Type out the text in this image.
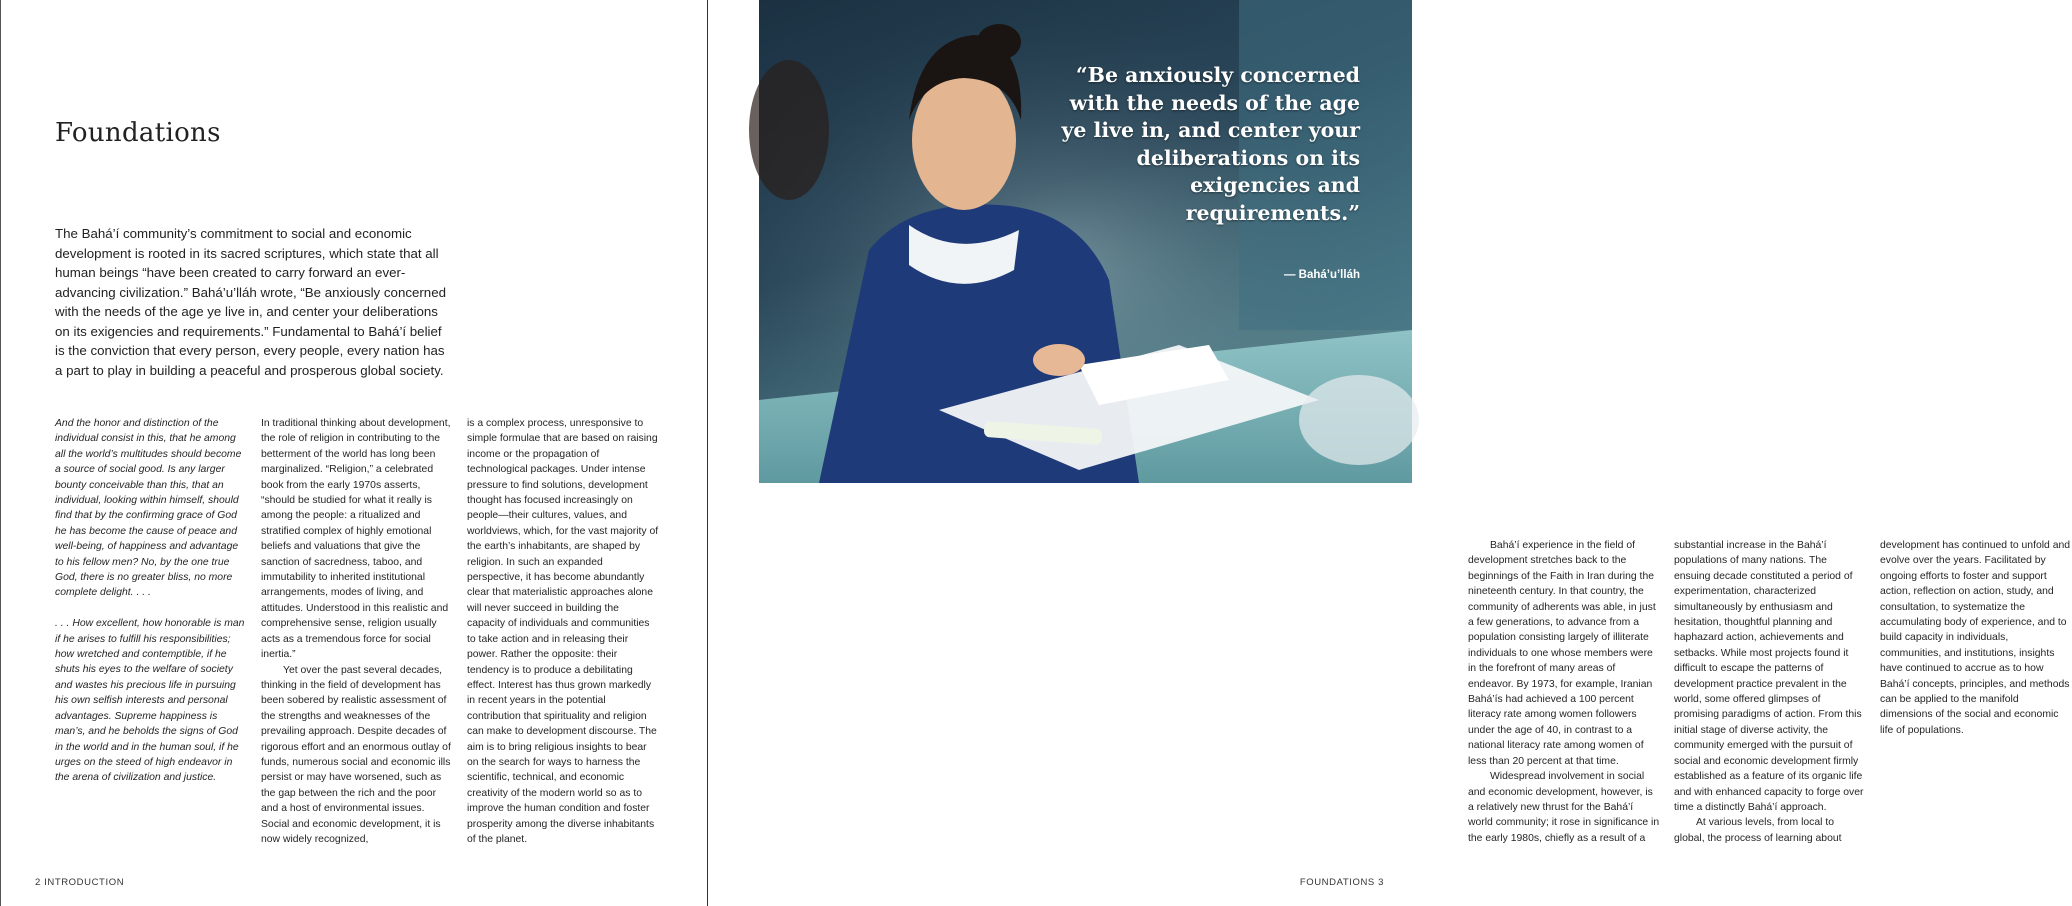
Foundations

The Bahá’í community’s commitment to social and economic development is rooted in its sacred scriptures, which state that all human beings “have been created to carry forward an ever-advancing civilization.” Bahá’u’lláh wrote, “Be anxiously concerned with the needs of the age ye live in, and center your deliberations on its exigencies and requirements.” Fundamental to Bahá’í belief is the conviction that every person, every people, every nation has a part to play in building a peaceful and prosperous global society.

And the honor and distinction of the individual consist in this, that he among all the world’s multitudes should become a source of social good. Is any larger bounty conceivable than this, that an individual, looking within himself, should find that by the confirming grace of God he has become the cause of peace and well-being, of happiness and advantage to his fellow men? No, by the one true God, there is no greater bliss, no more complete delight. . . .

. . . How excellent, how honorable is man if he arises to fulfill his responsibilities; how wretched and contemptible, if he shuts his eyes to the welfare of society and wastes his precious life in pursuing his own selfish interests and personal advantages. Supreme happiness is man’s, and he beholds the signs of God in the world and in the human soul, if he urges on the steed of high endeavor in the arena of civilization and justice.

In traditional thinking about development, the role of religion in contributing to the betterment of the world has long been marginalized. “Religion,” a celebrated book from the early 1970s asserts, “should be studied for what it really is among the people: a ritualized and stratified complex of highly emotional beliefs and valuations that give the sanction of sacredness, taboo, and immutability to inherited institutional arrangements, modes of living, and attitudes. Understood in this realistic and comprehensive sense, religion usually acts as a tremendous force for social inertia.”

Yet over the past several decades, thinking in the field of development has been sobered by realistic assessment of the strengths and weaknesses of the prevailing approach. Despite decades of rigorous effort and an enormous outlay of funds, numerous social and economic ills persist or may have worsened, such as the gap between the rich and the poor and a host of environmental issues. Social and economic development, it is now widely recognized,

is a complex process, unresponsive to simple formulae that are based on raising income or the propagation of technological packages. Under intense pressure to find solutions, development thought has focused increasingly on people—their cultures, values, and worldviews, which, for the vast majority of the earth’s inhabitants, are shaped by religion. In such an expanded perspective, it has become abundantly clear that materialistic approaches alone will never succeed in building the capacity of individuals and communities to take action and in releasing their power. Rather the opposite: their tendency is to produce a debilitating effect. Interest has thus grown markedly in recent years in the potential contribution that spirituality and religion can make to development discourse. The aim is to bring religious insights to bear on the search for ways to harness the scientific, technical, and economic creativity of the modern world so as to improve the human condition and foster prosperity among the diverse inhabitants of the planet.

2 INTRODUCTION

Bahá’í experience in the field of development stretches back to the beginnings of the Faith in Iran during the nineteenth century. In that country, the community of adherents was able, in just a few generations, to advance from a population consisting largely of illiterate individuals to one whose members were in the forefront of many areas of endeavor. By 1973, for example, Iranian Bahá’ís had achieved a 100 percent literacy rate among women followers under the age of 40, in contrast to a national literacy rate among women of less than 20 percent at that time.

Widespread involvement in social and economic development, however, is a relatively new thrust for the Bahá’í world community; it rose in significance in the early 1980s, chiefly as a result of a

substantial increase in the Bahá’í populations of many nations. The ensuing decade constituted a period of experimentation, characterized simultaneously by enthusiasm and hesitation, thoughtful planning and haphazard action, achievements and setbacks. While most projects found it difficult to escape the patterns of development practice prevalent in the world, some offered glimpses of promising paradigms of action. From this initial stage of diverse activity, the community emerged with the pursuit of social and economic development firmly established as a feature of its organic life and with enhanced capacity to forge over time a distinctly Bahá’í approach.

At various levels, from local to global, the process of learning about

development has continued to unfold and evolve over the years. Facilitated by ongoing efforts to foster and support action, reflection on action, study, and consultation, to systematize the accumulating body of experience, and to build capacity in individuals, communities, and institutions, insights have continued to accrue as to how Bahá’í concepts, principles, and methods can be applied to the manifold dimensions of the social and economic life of populations.

FOUNDATIONS 3

“Be anxiously concerned with the needs of the age ye live in, and center your deliberations on its exigencies and requirements.”

— Bahá’u’lláh
